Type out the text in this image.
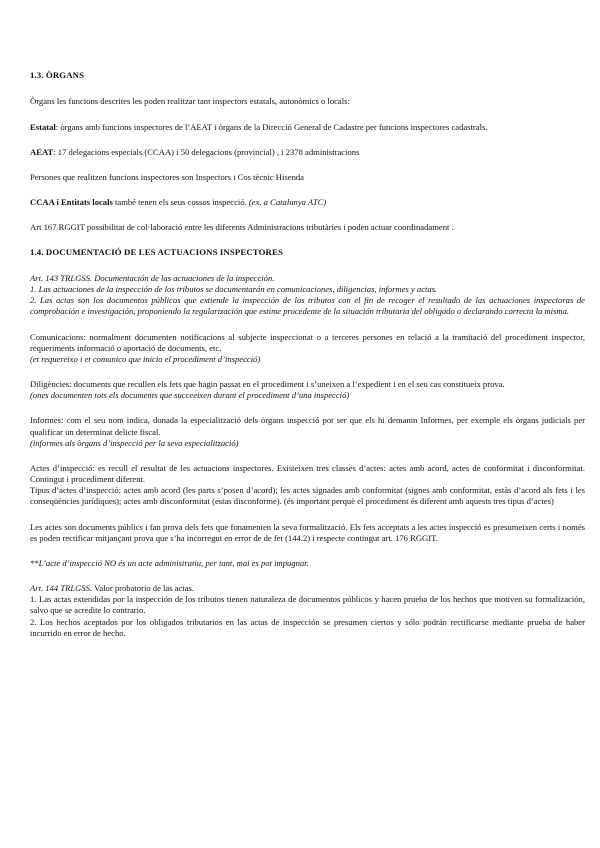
1.3. ÒRGANS

Òrgans les funcions descrites les poden realitzar tant inspectors estatals, autonòmics o locals:

Estatal: òrgans amb funcions inspectores de l’AEAT i òrgans de la Direcció General de Cadastre per funcions inspectores cadastrals.

AEAT: 17 delegacions especials (CCAA) i 50 delegacions (provincial) , i 2378 administracions

Persones que realitzen funcions inspectores son Inspectors i Cos tècnic Hisenda

CCAA i Entitats locals també tenen els seus cossos inspecció. (ex. a Catalunya ATC)

Art 167 RGGIT possibilitat de col·laboració entre les diferents Administracions tributàries i poden actuar coordinadament .

1.4. DOCUMENTACIÓ DE LES ACTUACIONS INSPECTORES

Art. 143 TRLGSS. Documentación de las actuaciones de la inspección.

1. Las actuaciones de la inspección de los tributos se documentarán en comunicaciones, diligencias, informes y actas.

2. Las actas son los documentos públicos que extiende la inspección de los tributos con el fin de recoger el resultado de las actuaciones inspectoras de comprobación e investigación, proponiendo la regularización que estime procedente de la situación tributaria del obligado o declarando correcta la misma.

Comunicacions: normalment documenten notificacions al subjecte inspeccionat o a terceres persones en relació a la tramitació del procediment inspector, requeriments informació o aportació de documents, etc.

(et requereixo i et comunico que inicio el procediment d’inspecció)

Diligències: documents que recullen els fets que hagin passat en el procediment i s’uneixen a l’expedient i en el seu cas constitueix prova.

(ones documenten tots els documents que succeeixen durant el procediment d’una inspecció)

Informes: com el seu nom indica, donada la especialització dels òrgans inspecció pot ser que els hi demanin Informes, per exemple els òrgans judicials per qualificar un determinat delicte fiscal.

(informes als òrgans d’inspecció per la seva especialització)

Actes d’inspecció: es recull el resultat de les actuacions inspectores. Existeixen tres classes d’actes: actes amb acord, actes de conformitat i disconformitat. Contingut i procediment diferent.

Tipus d’actes d’inspecció: actes amb acord (les parts s’posen d’acord); les actes signades amb conformitat (signes amb conformitat, estàs d’acord als fets i les conseqüències jurídiques); actes amb disconformitat (estas disconforme). (és important perquè el procediment és diferent amb aquests tres tipus d’actes)

Les actes son documents públics i fan prova dels fets que fonamenten la seva formalització. Els fets acceptats a les actes inspecció es presumeixen certs i només es poden rectificar mitjançant prova que s’ha incorregut en error de de fet (144.2) i respecte contingut art. 176 RGGIT.

**L’acte d’inspecció NO és un acte administratiu, per tant, mai es pot impugnar.

Art. 144 TRLGSS. Valor probatorio de las actas.

1. Las actas extendidas por la inspección de los tributos tienen naturaleza de documentos públicos y hacen prueba de los hechos que motiven su formalización, salvo que se acredite lo contrario.

2. Los hechos aceptados por los obligados tributarios en las actas de inspección se presumen ciertos y sólo podrán rectificarse mediante prueba de haber incurrido en error de hecho.
